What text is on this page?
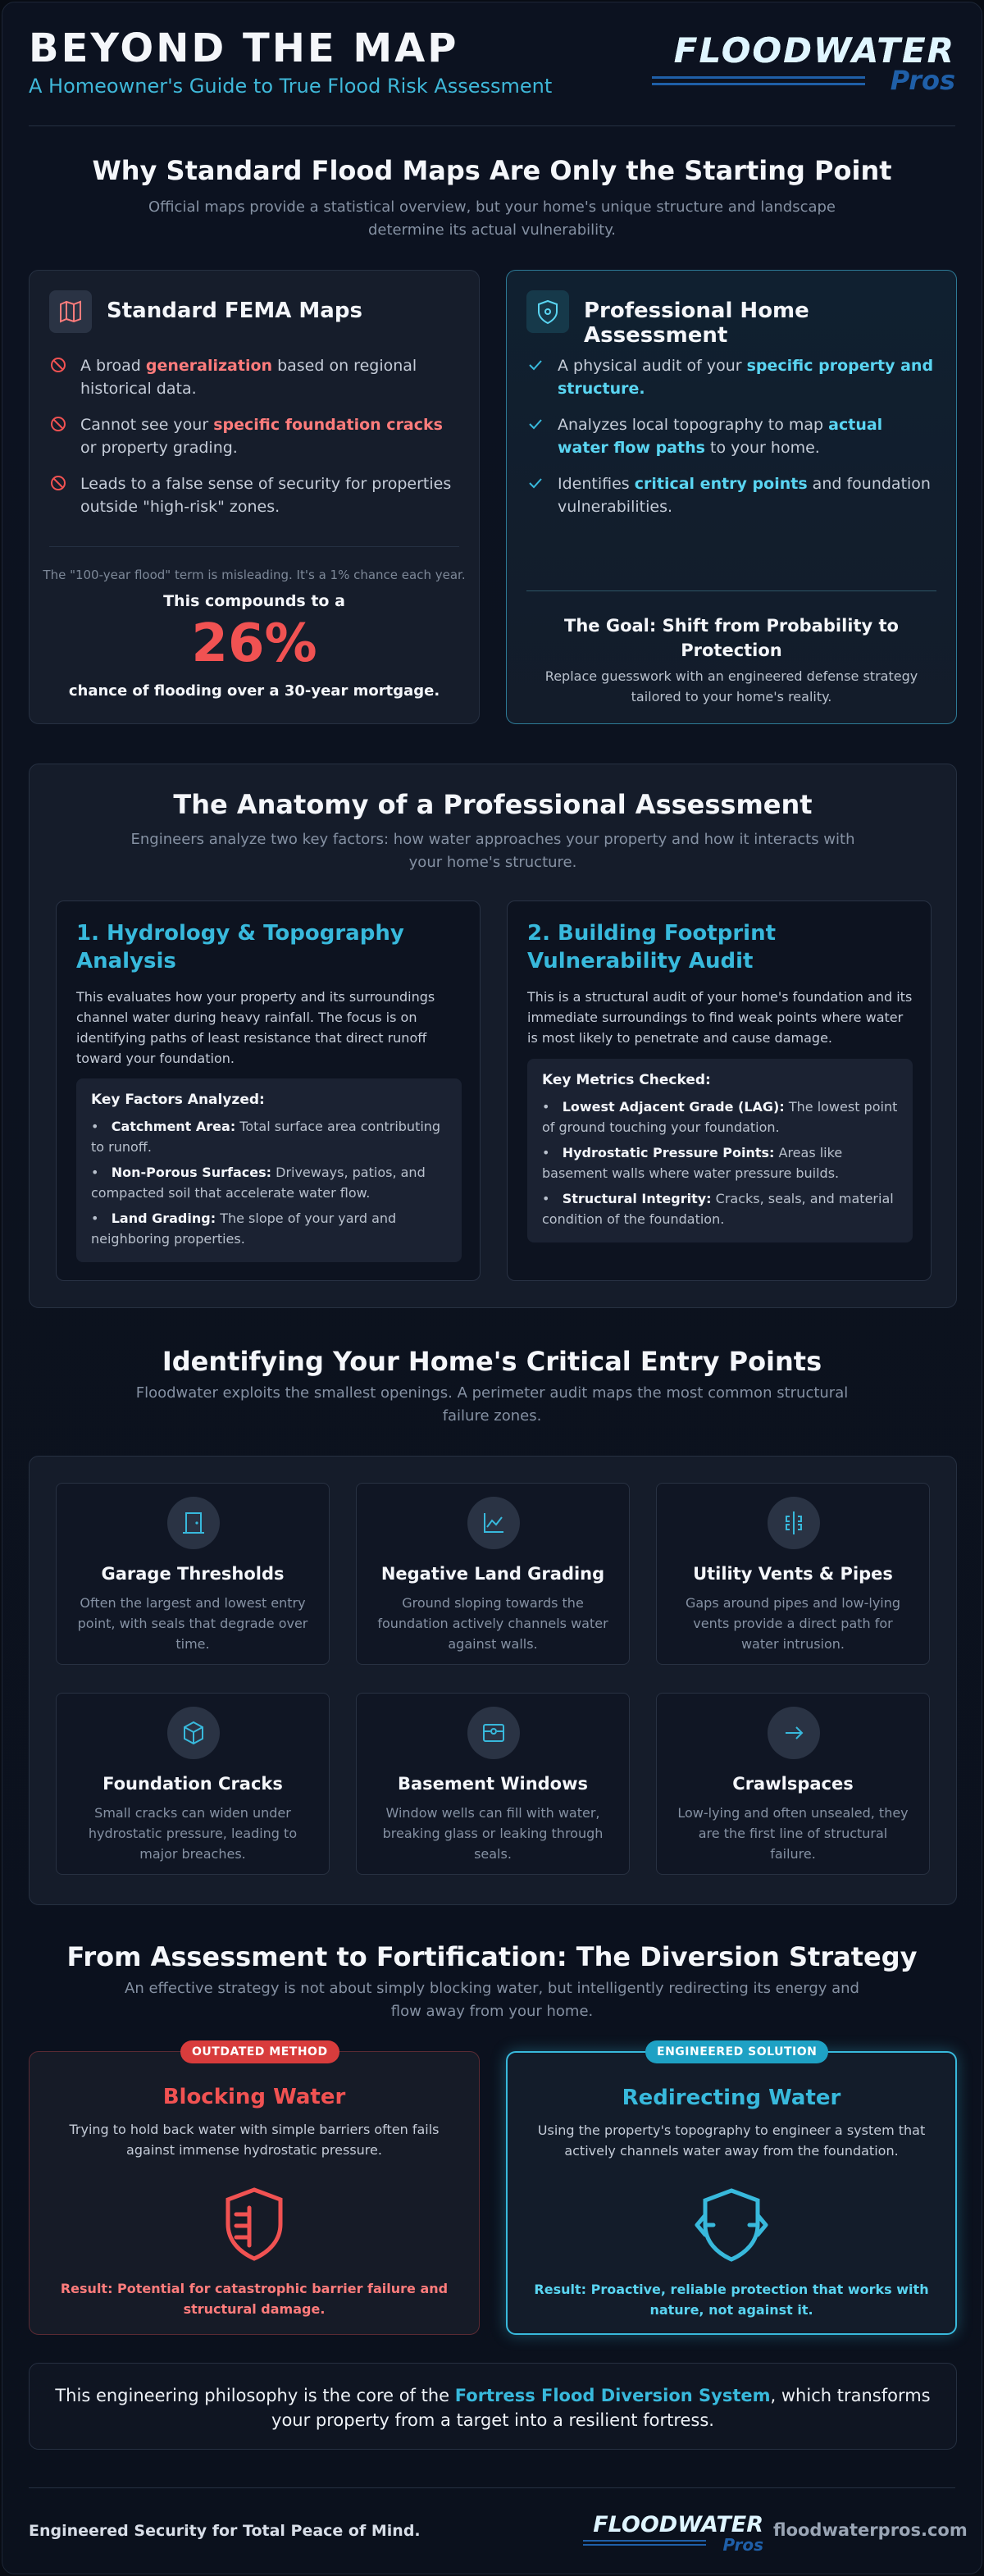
BEYOND THE MAP
A Homeowner's Guide to True Flood Risk Assessment
FLOODWATER
Pros
Why Standard Flood Maps Are Only the Starting Point
Official maps provide a statistical overview, but your home's unique structure and landscape
determine its actual vulnerability.
Standard FEMA Maps
A broad generalization based on regional historical data.
Cannot see your specific foundation cracks or property grading.
Leads to a false sense of security for properties outside "high-risk" zones.
The "100-year flood" term is misleading. It's a 1% chance each year.
This compounds to a
26%
chance of flooding over a 30-year mortgage.
Professional Home Assessment
A physical audit of your specific property and structure.
Analyzes local topography to map actual water flow paths to your home.
Identifies critical entry points and foundation vulnerabilities.
The Goal: Shift from Probability to Protection
Replace guesswork with an engineered defense strategy tailored to your home's reality.
The Anatomy of a Professional Assessment
Engineers analyze two key factors: how water approaches your property and how it interacts with
your home's structure.
1. Hydrology & Topography Analysis
This evaluates how your property and its surroundings channel water during heavy rainfall. The focus is on identifying paths of least resistance that direct runoff toward your foundation.
Key Factors Analyzed:
•   Catchment Area: Total surface area contributing to runoff.
•   Non-Porous Surfaces: Driveways, patios, and compacted soil that accelerate water flow.
•   Land Grading: The slope of your yard and neighboring properties.
2. Building Footprint Vulnerability Audit
This is a structural audit of your home's foundation and its immediate surroundings to find weak points where water is most likely to penetrate and cause damage.
Key Metrics Checked:
•   Lowest Adjacent Grade (LAG): The lowest point of ground touching your foundation.
•   Hydrostatic Pressure Points: Areas like basement walls where water pressure builds.
•   Structural Integrity: Cracks, seals, and material condition of the foundation.
Identifying Your Home's Critical Entry Points
Floodwater exploits the smallest openings. A perimeter audit maps the most common structural
failure zones.
Garage Thresholds
Often the largest and lowest entry point, with seals that degrade over time.
Negative Land Grading
Ground sloping towards the foundation actively channels water against walls.
Utility Vents & Pipes
Gaps around pipes and low-lying vents provide a direct path for water intrusion.
Foundation Cracks
Small cracks can widen under hydrostatic pressure, leading to major breaches.
Basement Windows
Window wells can fill with water, breaking glass or leaking through seals.
Crawlspaces
Low-lying and often unsealed, they are the first line of structural failure.
From Assessment to Fortification: The Diversion Strategy
An effective strategy is not about simply blocking water, but intelligently redirecting its energy and
flow away from your home.
OUTDATED METHOD
Blocking Water
Trying to hold back water with simple barriers often fails against immense hydrostatic pressure.
Result: Potential for catastrophic barrier failure and structural damage.
ENGINEERED SOLUTION
Redirecting Water
Using the property's topography to engineer a system that actively channels water away from the foundation.
Result: Proactive, reliable protection that works with nature, not against it.
This engineering philosophy is the core of the Fortress Flood Diversion System, which transforms your property from a target into a resilient fortress.
Engineered Security for Total Peace of Mind.	FLOODWATER
Pros
floodwaterpros.com
